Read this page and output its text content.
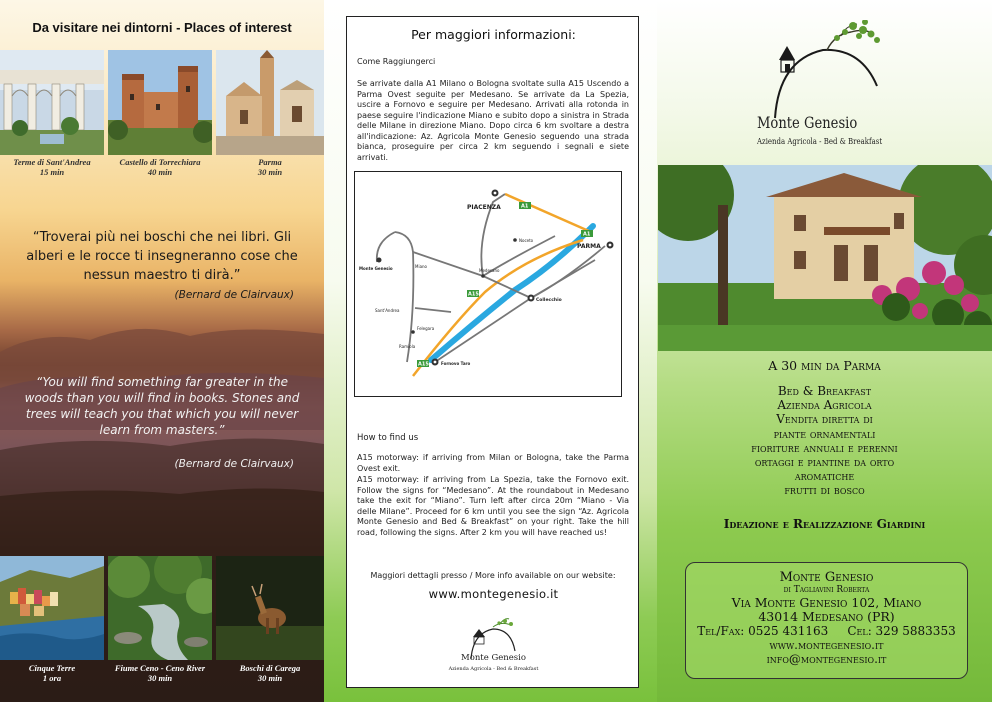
Da visitare nei dintorni - Places of interest
Terme di Sant'Andrea
15 min
Castello di Torrechiara
40 min
Parma
30 min
“Troverai più nei boschi che nei libri. Gli alberi e le rocce ti insegneranno cose che nessun maestro ti dirà.”
(Bernard de Clairvaux)
“You will find something far greater in the woods than you will find in books. Stones and trees will teach you that which you will never learn from masters.”
(Bernard de Clairvaux)
Cinque Terre
1 ora
Fiume Ceno - Ceno River
30 min
Boschi di Carega
30 min
Per maggiori informazioni:
Come Raggiungerci
Se arrivate dalla A1 Milano o Bologna svoltate sulla A15 Uscendo a Parma Ovest seguite per Medesano. Se arrivate da La Spezia, uscire a Fornovo e seguire per Medesano. Arrivati alla rotonda in paese seguire l'indicazione Miano e subito dopo a sinistra in Strada delle Milane in direzione Miano. Dopo circa 6 km svoltare a destra all'indicazione: Az. Agricola Monte Genesio seguendo una strada bianca, proseguire per circa 2 km seguendo i segnali e siete arrivati.
A1
A1
A15
A15
PIACENZA
PARMA
Collecchio
Noceto
Medesano
Miano
Sant'Andrea
Felegara
Ramiola
Fornovo Taro
Monte Genesio
How to find us
A15 motorway: if arriving from Milan or Bologna, take the Parma Ovest exit.
A15 motorway: if arriving from La Spezia, take the Fornovo exit. Follow the signs for “Medesano”. At the roundabout in Medesano take the exit for “Miano”. Turn left after circa 20m “Miano - Via delle Milane”. Proceed for 6 km until you see the sign “Az. Agricola Monte Genesio and Bed & Breakfast” on your right. Take the hill road, following the signs. After 2 km you will have reached us!
Maggiori dettagli presso / More info available on our website:
www.montegenesio.it
Monte Genesio
Azienda Agricola - Bed & Breakfast
Monte Genesio
Azienda Agricola - Bed & Breakfast
A 30 min da Parma
Bed & Breakfast
Azienda Agricola
Vendita diretta di
piante ornamentali
fioriture annuali e perenni
ortaggi e piantine da orto
aromatiche
frutti di bosco
Ideazione e Realizzazione Giardini
Monte Genesio
di Tagliavini Roberta
Via Monte Genesio 102, Miano
43014 Medesano (PR)
Tel/Fax: 0525 431163     Cel: 329 5883353
www.montegenesio.it
info@montegenesio.it
